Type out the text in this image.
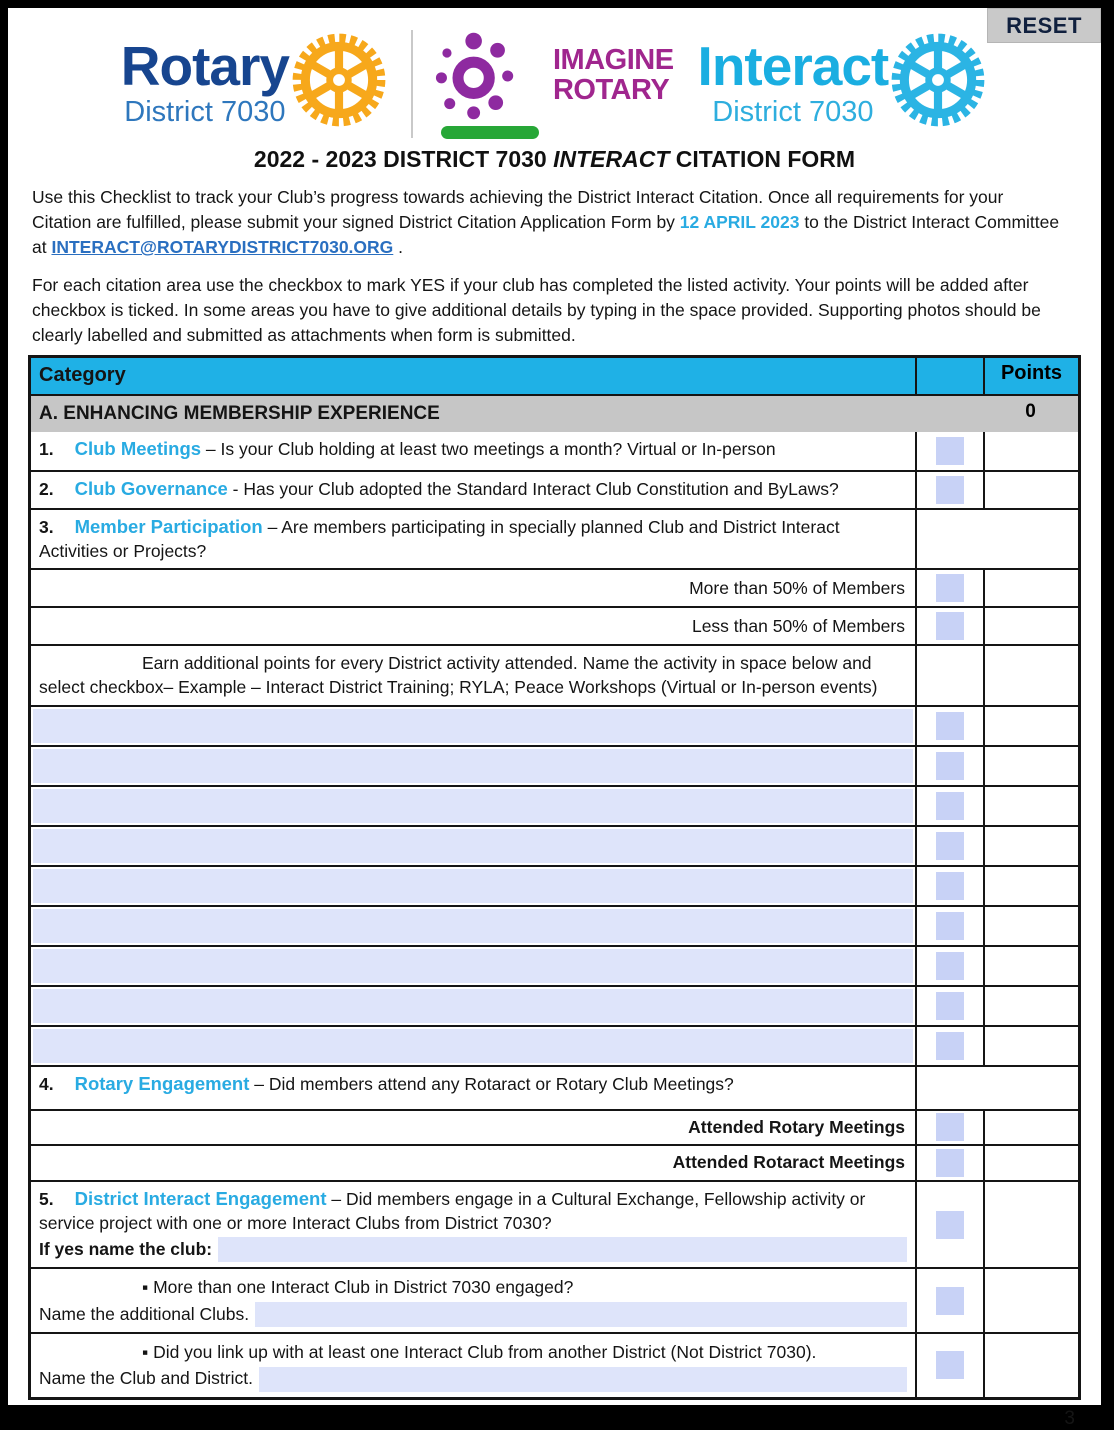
RESET
Rotary
District 7030
IMAGINE
ROTARY Interact
District 7030
2022 - 2023 DISTRICT 7030 INTERACT CITATION FORM

Use this Checklist to track your Club’s progress towards achieving the District Interact Citation. Once all requirements for your Citation are fulfilled, please submit your signed District Citation Application Form by 12 APRIL 2023 to the District Interact Committee at INTERACT@ROTARYDISTRICT7030.ORG .

For each citation area use the checkbox to mark YES if your club has completed the listed activity. Your points will be added after checkbox is ticked. In some areas you have to give additional details by typing in the space provided. Supporting photos should be clearly labelled and submitted as attachments when form is submitted.

Category	Points
A. ENHANCING MEMBERSHIP EXPERIENCE	0
1. Club Meetings – Is your Club holding at least two meetings a month? Virtual or In-person
2. Club Governance - Has your Club adopted the Standard Interact Club Constitution and ByLaws?
3. Member Participation – Are members participating in specially planned Club and District Interact Activities or Projects?
More than 50% of Members
Less than 50% of Members
Earn additional points for every District activity attended. Name the activity in space below and select checkbox– Example – Interact District Training; RYLA; Peace Workshops (Virtual or In-person events)
4. Rotary Engagement – Did members attend any Rotaract or Rotary Club Meetings?
Attended Rotary Meetings
Attended Rotaract Meetings
5. District Interact Engagement – Did members engage in a Cultural Exchange, Fellowship activity or service project with one or more Interact Clubs from District 7030?
If yes name the club:
▪ More than one Interact Club in District 7030 engaged?
Name the additional Clubs.
▪ Did you link up with at least one Interact Club from another District (Not District 7030).
Name the Club and District.
3
